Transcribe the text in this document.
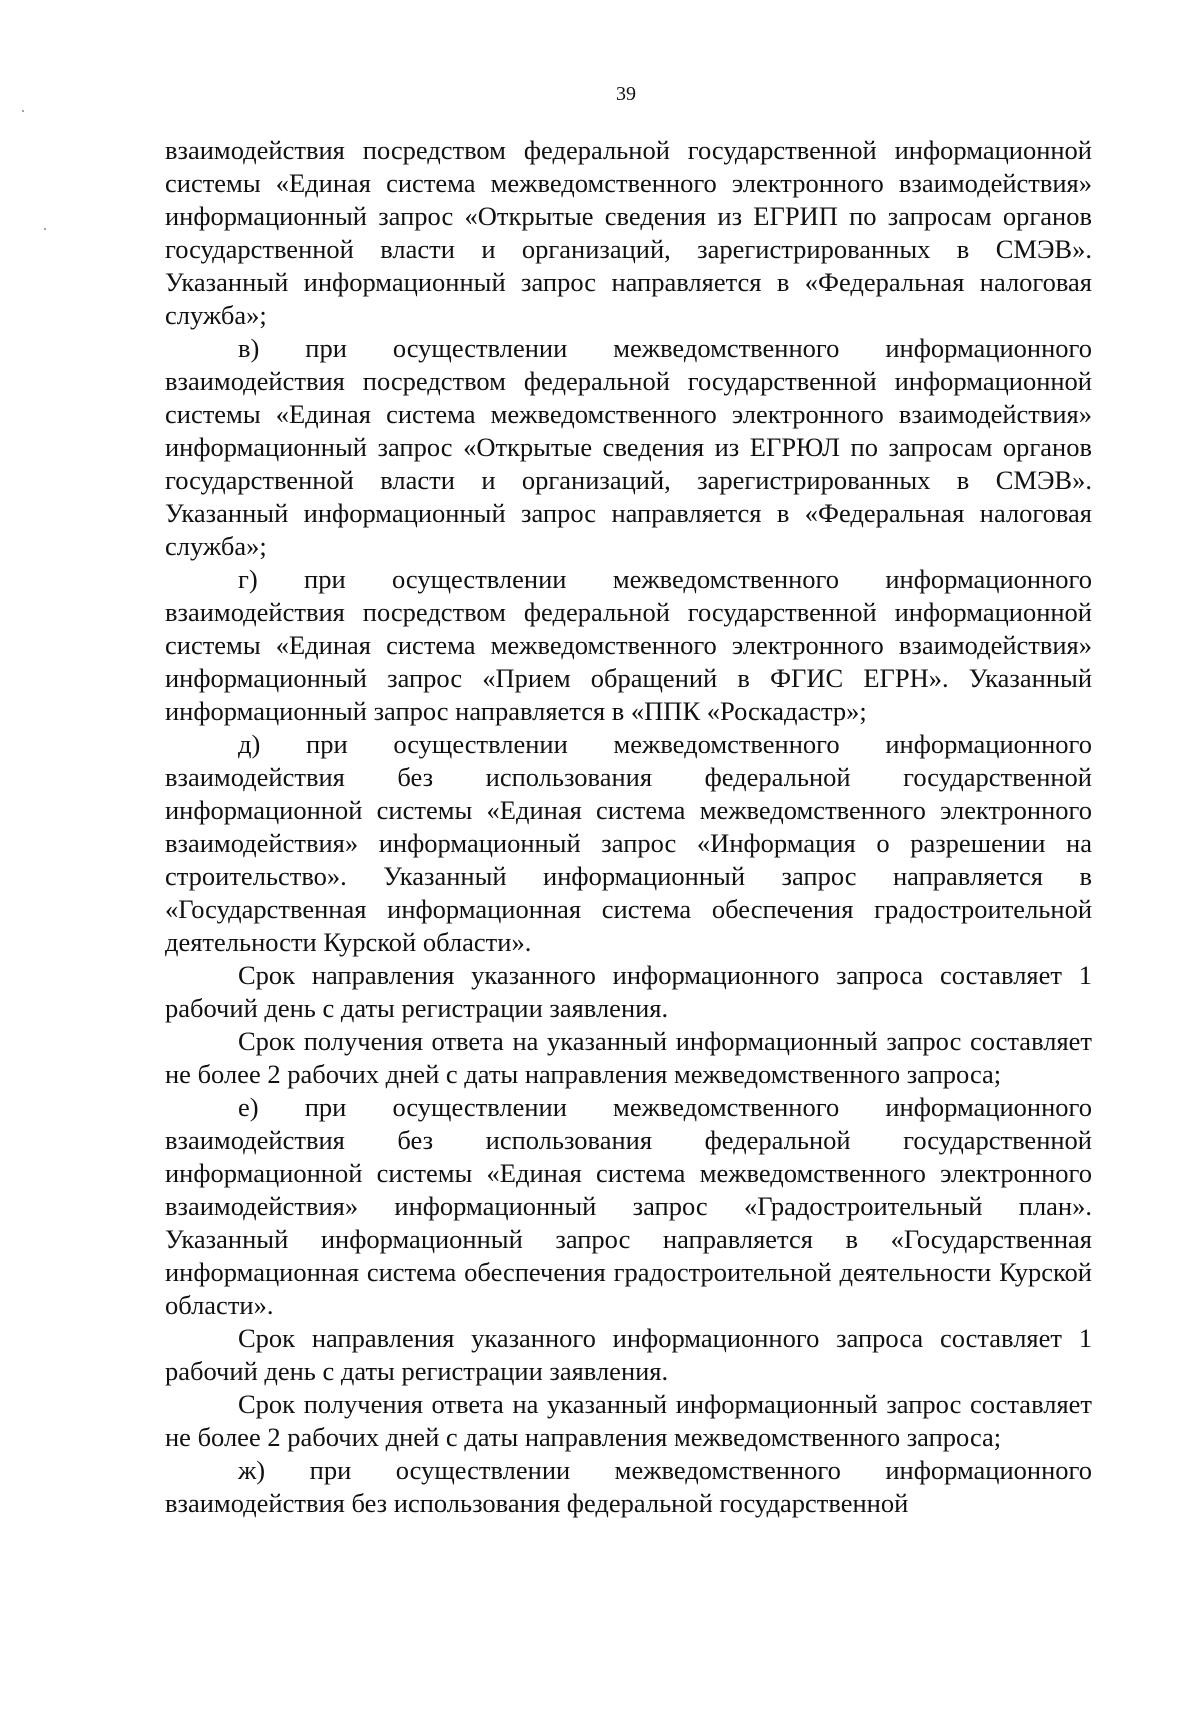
39

взаимодействия посредством федеральной государственной информационной системы «Единая система межведомственного электронного взаимодействия» информационный запрос «Открытые сведения из ЕГРИП по запросам органов государственной власти и организаций, зарегистрированных в СМЭВ». Указанный информационный запрос направляется в «Федеральная налоговая служба»;

в) при осуществлении межведомственного информационного взаимодействия посредством федеральной государственной информационной системы «Единая система межведомственного электронного взаимодействия» информационный запрос «Открытые сведения из ЕГРЮЛ по запросам органов государственной власти и организаций, зарегистрированных в СМЭВ». Указанный информационный запрос направляется в «Федеральная налоговая служба»;

г) при осуществлении межведомственного информационного взаимодействия посредством федеральной государственной информационной системы «Единая система межведомственного электронного взаимодействия» информационный запрос «Прием обращений в ФГИС ЕГРН». Указанный информационный запрос направляется в «ППК «Роскадастр»;

д) при осуществлении межведомственного информационного взаимодействия без использования федеральной государственной информационной системы «Единая система межведомственного электронного взаимодействия» информационный запрос «Информация о разрешении на строительство». Указанный информационный запрос направляется в «Государственная информационная система обеспечения градостроительной деятельности Курской области».

Срок направления указанного информационного запроса составляет 1 рабочий день с даты регистрации заявления.

Срок получения ответа на указанный информационный запрос составляет не более 2 рабочих дней с даты направления межведомственного запроса;

е) при осуществлении межведомственного информационного взаимодействия без использования федеральной государственной информационной системы «Единая система межведомственного электронного взаимодействия» информационный запрос «Градостроительный план». Указанный информационный запрос направляется в «Государственная информационная система обеспечения градостроительной деятельности Курской области».

Срок направления указанного информационного запроса составляет 1 рабочий день с даты регистрации заявления.

Срок получения ответа на указанный информационный запрос составляет не более 2 рабочих дней с даты направления межведомственного запроса;

ж) при осуществлении межведомственного информационного взаимодействия без использования федеральной государственной
